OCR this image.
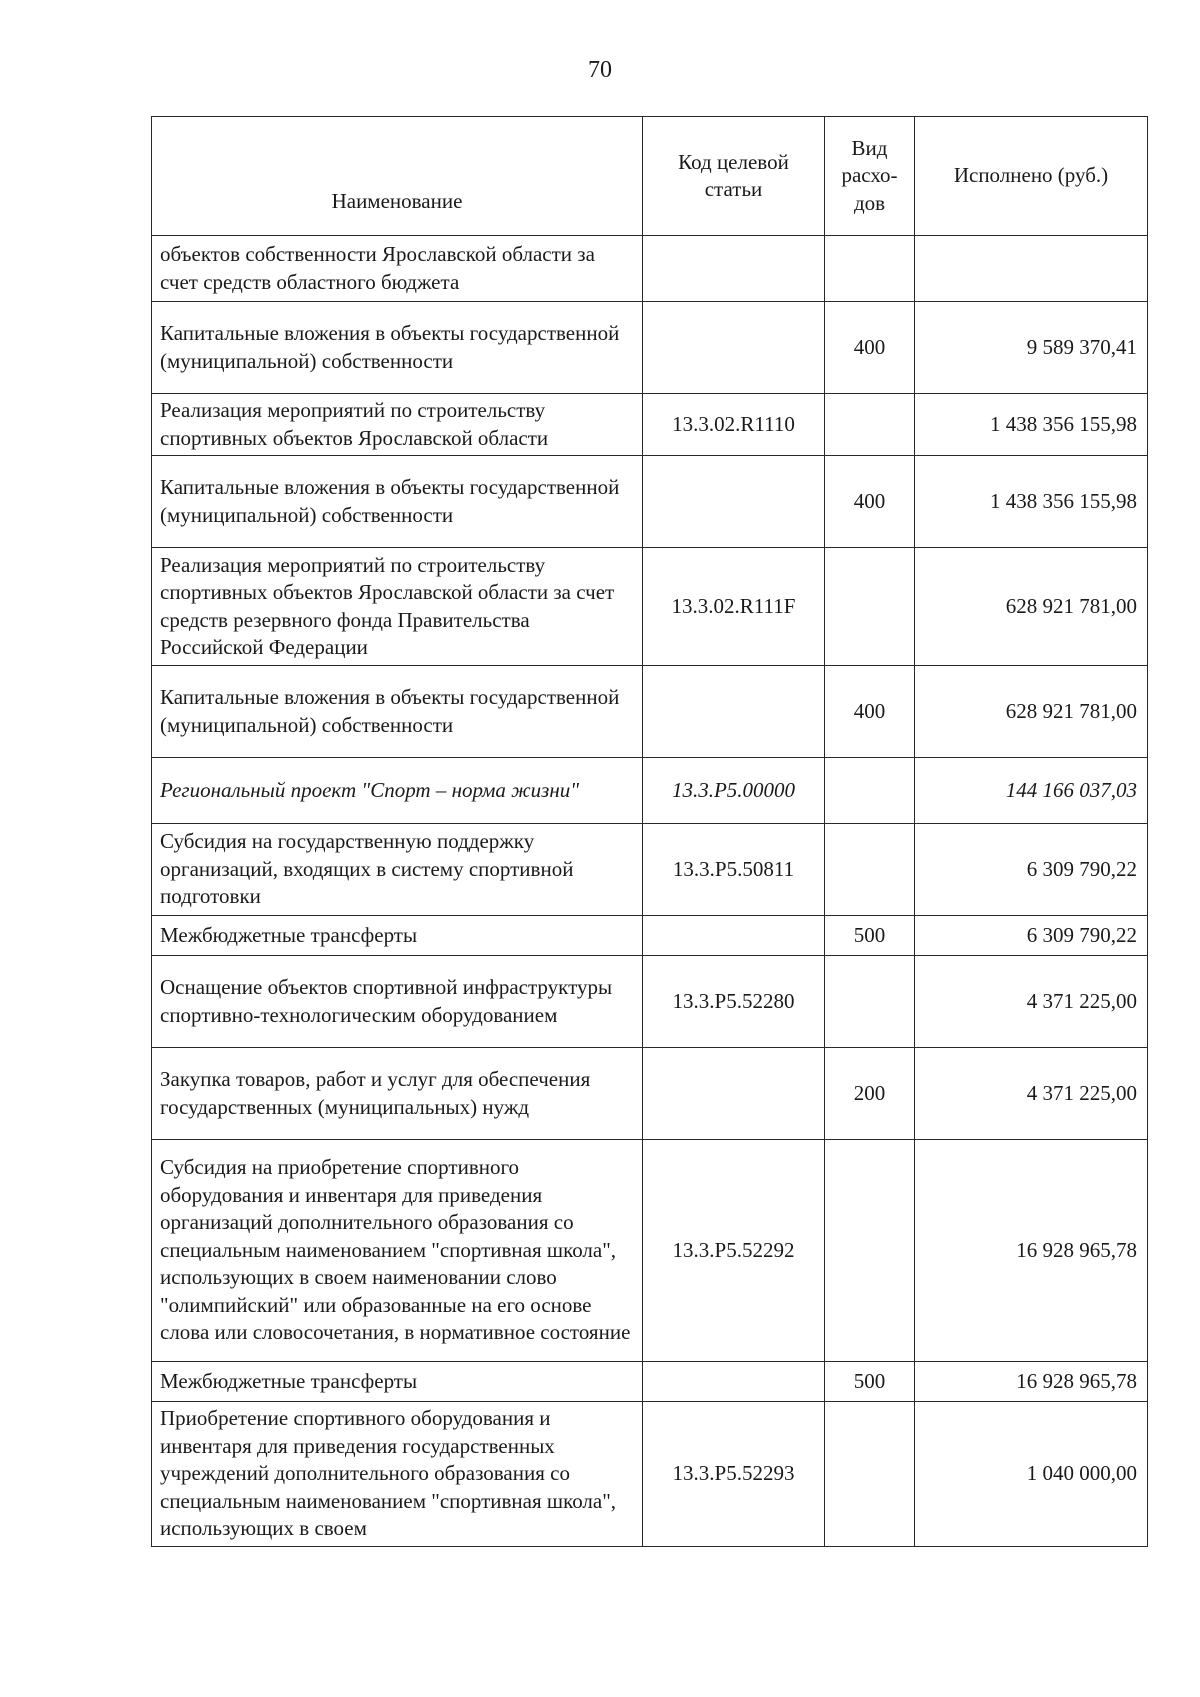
70
Наименование	Код целевой статьи	Вид расхо-дов	Исполнено (руб.)
объектов собственности Ярославской области за счет средств областного бюджета			
Капитальные вложения в объекты государственной (муниципальной) собственности		400	9 589 370,41
Реализация мероприятий по строительству спортивных объектов Ярославской области	13.3.02.R1110		1 438 356 155,98
Капитальные вложения в объекты государственной (муниципальной) собственности		400	1 438 356 155,98
Реализация мероприятий по строительству спортивных объектов Ярославской области за счет средств резервного фонда Правительства Российской Федерации	13.3.02.R111F		628 921 781,00
Капитальные вложения в объекты государственной (муниципальной) собственности		400	628 921 781,00
Региональный проект "Спорт – норма жизни"	13.3.P5.00000		144 166 037,03
Субсидия на государственную поддержку организаций, входящих в систему спортивной подготовки	13.3.P5.50811		6 309 790,22
Межбюджетные трансферты		500	6 309 790,22
Оснащение объектов спортивной инфраструктуры спортивно-технологическим оборудованием	13.3.P5.52280		4 371 225,00
Закупка товаров, работ и услуг для обеспечения государственных (муниципальных) нужд		200	4 371 225,00
Субсидия на приобретение спортивного оборудования и инвентаря для приведения организаций дополнительного образования со специальным наименованием "спортивная школа", использующих в своем наименовании слово "олимпийский" или образованные на его основе слова или словосочетания, в нормативное состояние	13.3.P5.52292		16 928 965,78
Межбюджетные трансферты		500	16 928 965,78
Приобретение спортивного оборудования и инвентаря для приведения государственных учреждений дополнительного образования со специальным наименованием "спортивная школа", использующих в своем	13.3.P5.52293		1 040 000,00
